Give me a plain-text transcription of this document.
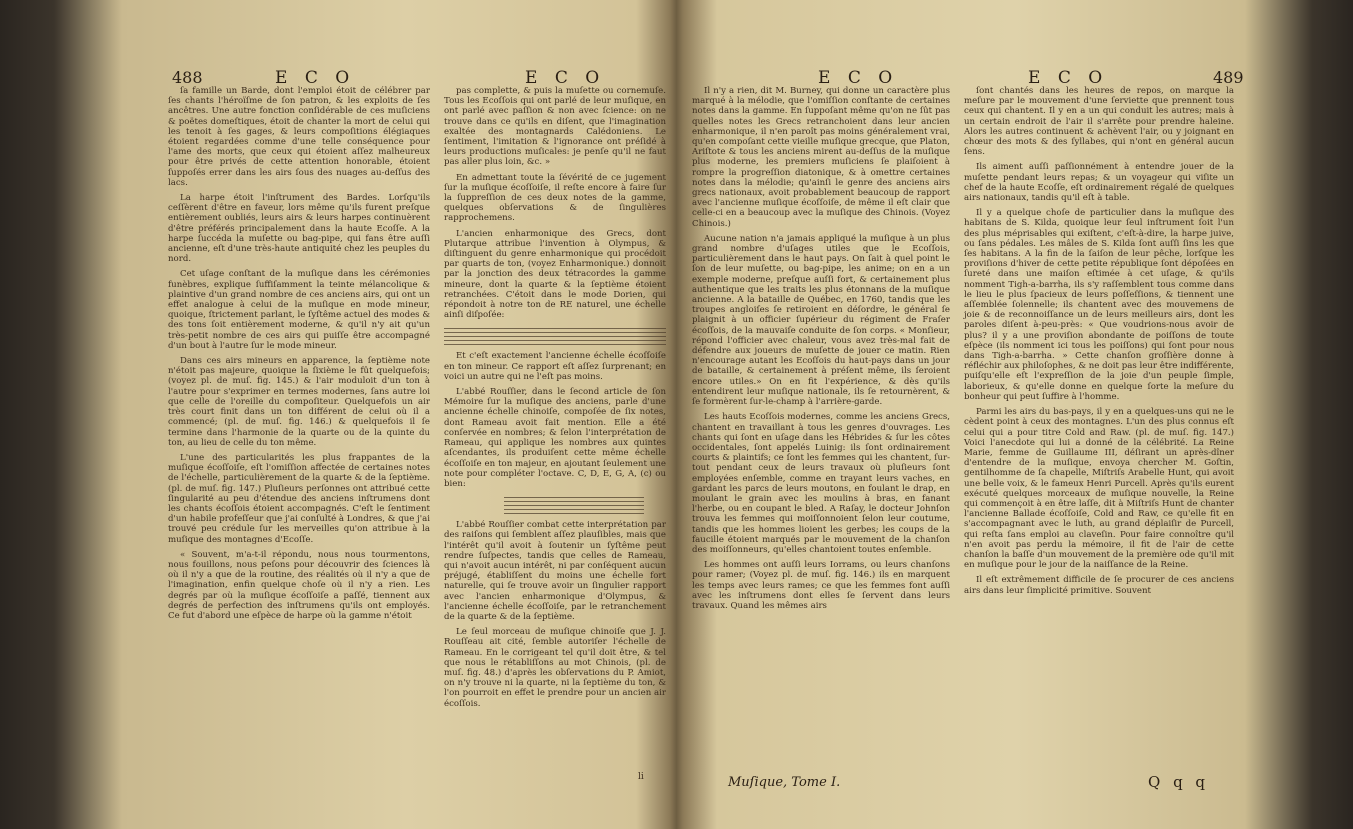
488	E C O	E C O

ſa famille un Barde, dont l'emploi étoit de célébrer par ſes chants l'héroïſme de ſon patron, & les exploits de ſes ancêtres. Une autre fonction conſidérable de ces muſiciens & poëtes domeſtiques, étoit de chanter la mort de celui qui les tenoit à ſes gages, & leurs compoſitions élégiaques étoient regardées comme d'une telle conséquence pour l'ame des morts, que ceux qui étoient aſſez malheureux pour être privés de cette attention honorable, étoient ſuppoſés errer dans les airs ſous des nuages au-deſſus des lacs.

La harpe étoit l'inſtrument des Bardes. Lorſqu'ils ceſſèrent d'être en faveur, lors même qu'ils furent preſque entièrement oubliés, leurs airs & leurs harpes continuèrent d'être préférés principalement dans la haute Ecoſſe. A la harpe ſuccéda la muſette ou bag-pipe, qui fans être auſſi ancienne, eſt d'une très-haute antiquité chez les peuples du nord.

Cet uſage conſtant de la muſique dans les cérémonies funèbres, explique ſuffiſamment la teinte mélancolique & plaintive d'un grand nombre de ces anciens airs, qui ont un effet analogue à celui de la muſique en mode mineur, quoique, ſtrictement parlant, le ſyſtême actuel des modes & des tons ſoit entièrement moderne, & qu'il n'y ait qu'un très-petit nombre de ces airs qui puiſſe être accompagné d'un bout à l'autre ſur le mode mineur.

Dans ces airs mineurs en apparence, la ſeptième note n'étoit pas majeure, quoique la ſixième le fût quelquefois; (voyez pl. de muſ. fig. 145.) & l'air moduloit d'un ton à l'autre pour s'exprimer en termes modernes, ſans autre loi que celle de l'oreille du compoſiteur. Quelquefois un air très court finit dans un ton différent de celui où il a commencé; (pl. de muſ. fig. 146.) & quelquefois il ſe termine dans l'harmonie de la quarte ou de la quinte du ton, au lieu de celle du ton même.

L'une des particularités les plus frappantes de la muſique écoſſoiſe, eſt l'omiſſion affectée de certaines notes de l'échelle, particulièrement de la quarte & de la ſeptième. (pl. de muſ. fig. 147.) Pluſieurs perſonnes ont attribué cette ſingularité au peu d'étendue des anciens inſtrumens dont les chants écoſſois étoient accompagnés. C'eſt le ſentiment d'un habile profeſſeur que j'ai conſulté à Londres, & que j'ai trouvé peu crédule ſur les merveilles qu'on attribue à la muſique des montagnes d'Ecoſſe.

« Souvent, m'a-t-il répondu, nous nous tourmentons, nous fouillons, nous peſons pour découvrir des ſciences là où il n'y a que de la routine, des réalités où il n'y a que de l'imagination, enfin quelque choſe où il n'y a rien. Les degrés par où la muſique écoſſoiſe a paſſé, tiennent aux degrés de perfection des inſtrumens qu'ils ont employés. Ce fut d'abord une eſpèce de harpe où la gamme n'étoit

pas complette, & puis la muſette ou cornemuſe. Tous les Ecoſſois qui ont parlé de leur muſique, en ont parlé avec paſſion & non avec ſcience: on ne trouve dans ce qu'ils en diſent, que l'imagination exaltée des montagnards Calédoniens. Le ſentiment, l'imitation & l'ignorance ont préſidé à leurs productions muſicales: je penſe qu'il ne faut pas aller plus loin, &c. »

En admettant toute la ſévérité de ce jugement ſur la muſique écoſſoiſe, il reſte encore à faire ſur la ſuppreſſion de ces deux notes de la gamme, quelques obſervations & de ſingulières rapprochemens.

L'ancien enharmonique des Grecs, dont Plutarque attribue l'invention à Olympus, & diſtinguent du genre enharmonique qui procédoit par quarts de ton, (voyez Enharmonique.) donnoit par la jonction des deux tétracordes la gamme mineure, dont la quarte & la ſeptième étoient retranchées. C'étoit dans le mode Dorien, qui répondoit à notre ton de RE naturel, une échelle ainſi diſpoſée:

Et c'eſt exactement l'ancienne échelle écoſſoiſe en ton mineur. Ce rapport eſt aſſez ſurprenant; en voici un autre qui ne l'eſt pas moins.

L'abbé Rouſſier, dans le ſecond article de ſon Mémoire ſur la muſique des anciens, parle d'une ancienne échelle chinoiſe, compoſée de ſix notes, dont Rameau avoit fait mention. Elle a été conſervée en nombres; & ſelon l'interprétation de Rameau, qui applique les nombres aux quintes aſcendantes, ils produiſent cette même échelle écoſſoiſe en ton majeur, en ajoutant ſeulement une note pour compléter l'octave. C, D, E, G, A, (c) ou bien:

L'abbé Rouſſier combat cette interprétation par des raiſons qui ſemblent aſſez plauſibles, mais que l'intérêt qu'il avoit à ſoutenir un ſyſtême peut rendre ſuſpectes, tandis que celles de Rameau, qui n'avoit aucun intérêt, ni par conſéquent aucun préjugé, établiſſent du moins une échelle fort naturelle, qui ſe trouve avoir un ſingulier rapport avec l'ancien enharmonique d'Olympus, & l'ancienne échelle écoſſoiſe, par le retranchement de la quarte & de la ſeptième.

Le ſeul morceau de muſique chinoiſe que J. J. Rouſſeau ait cité, ſemble autoriſer l'échelle de Rameau. En le corrigeant tel qu'il doit être, & tel que nous le rétabliſſons au mot Chinois, (pl. de muſ. fig. 48.) d'après les obſervations du P. Amiot, on n'y trouve ni la quarte, ni la ſeptième du ton, & l'on pourroit en effet le prendre pour un ancien air écoſſois.

li
E C O	E C O	489

Il n'y a rien, dit M. Burney, qui donne un caractère plus marqué à la mélodie, que l'omiſſion conſtante de certaines notes dans la gamme. En ſuppoſant même qu'on ne ſût pas quelles notes les Grecs retranchoient dans leur ancien enharmonique, il n'en paroît pas moins généralement vrai, qu'en compoſant cette vieille muſique grecque, que Platon, Ariſtote & tous les anciens mirent au-deſſus de la muſique plus moderne, les premiers muſiciens ſe plaiſoient à rompre la progreſſion diatonique, & à omettre certaines notes dans la mélodie; qu'ainſi le genre des anciens airs grecs nationaux, avoit probablement beaucoup de rapport avec l'ancienne muſique écoſſoiſe, de même il eſt clair que celle-ci en a beaucoup avec la muſique des Chinois. (Voyez Chinois.)

Aucune nation n'a jamais appliqué la muſique à un plus grand nombre d'uſages utiles que le Ecoſſois, particulièrement dans le haut pays. On ſait à quel point le ſon de leur muſette, ou bag-pipe, les anime; on en a un exemple moderne, preſque auſſi fort, & certainement plus authentique que les traits les plus étonnans de la muſique ancienne. A la bataille de Québec, en 1760, tandis que les troupes angloiſes ſe retiroient en déſordre, le général ſe plaignit à un officier ſupérieur du régiment de Fraſer écoſſois, de la mauvaiſe conduite de ſon corps. « Monſieur, répond l'officier avec chaleur, vous avez très-mal fait de défendre aux joueurs de muſette de jouer ce matin. Rien n'encourage autant les Ecoſſois du haut-pays dans un jour de bataille, & certainement à préſent même, ils ſeroient encore utiles.» On en fit l'expérience, & dès qu'ils entendirent leur muſique nationale, ils ſe retournèrent, & ſe formèrent ſur-le-champ à l'arrière-garde.

Les hauts Ecoſſois modernes, comme les anciens Grecs, chantent en travaillant à tous les genres d'ouvrages. Les chants qui ſont en uſage dans les Hébrides & ſur les côtes occidentales, ſont appelés Luinig: ils ſont ordinairement courts & plaintifs; ce ſont les femmes qui les chantent, ſur-tout pendant ceux de leurs travaux où pluſieurs ſont employées enſemble, comme en trayant leurs vaches, en gardant les parcs de leurs moutons, en foulant le drap, en moulant le grain avec les moulins à bras, en fanant l'herbe, ou en coupant le bled. A Raſay, le docteur Johnſon trouva les femmes qui moiſſonnoient ſelon leur coutume, tandis que les hommes lioient les gerbes; les coups de la faucille étoient marqués par le mouvement de la chanſon des moiſſonneurs, qu'elles chantoient toutes enſemble.

Les hommes ont auſſi leurs Iorrams, ou leurs chanſons pour ramer; (Voyez pl. de muſ. fig. 146.) ils en marquent les temps avec leurs rames; ce que les femmes font auſſi avec les inſtrumens dont elles ſe ſervent dans leurs travaux. Quand les mêmes airs

ſont chantés dans les heures de repos, on marque la meſure par le mouvement d'une ſerviette que prennent tous ceux qui chantent. Il y en a un qui conduit les autres; mais à un certain endroit de l'air il s'arrête pour prendre haleine. Alors les autres continuent & achèvent l'air, ou y joignant en chœur des mots & des ſyllabes, qui n'ont en général aucun ſens.

Ils aiment auſſi paſſionnément à entendre jouer de la muſette pendant leurs repas; & un voyageur qui viſite un chef de la haute Ecoſſe, eſt ordinairement régalé de quelques airs nationaux, tandis qu'il eſt à table.

Il y a quelque choſe de particulier dans la muſique des habitans de S. Kilda, quoique leur ſeul inſtrument ſoit l'un des plus méprisables qui exiſtent, c'eſt-à-dire, la harpe juive, ou ſans pédales. Les mâles de S. Kilda ſont auſſi ſins les que ſes habitans. A la fin de la ſaiſon de leur pêche, lorſque les proviſions d'hiver de cette petite république ſont dépoſées en ſureté dans une maiſon eſtimée à cet uſage, & qu'ils nomment Tigh-a-barrha, ils s'y raſſemblent tous comme dans le lieu le plus ſpacieux de leurs poſſeſſions, & tiennent une aſſemblée ſolennelle; ils chantent avec des mouvemens de joie & de reconnoiſſance un de leurs meilleurs airs, dont les paroles diſent à-peu-près: « Que voudrions-nous avoir de plus? il y a une proviſion abondante de poiſſons de toute eſpèce (ils nomment ici tous les poiſſons) qui ſont pour nous dans Tigh-a-barrha. » Cette chanſon groſſière donne à réfléchir aux philoſophes, & ne doit pas leur être indifférente, puiſqu'elle eſt l'expreſſion de la joie d'un peuple ſimple, laborieux, & qu'elle donne en quelque ſorte la meſure du bonheur qui peut ſuffire à l'homme.

Parmi les airs du bas-pays, il y en a quelques-uns qui ne le cèdent point à ceux des montagnes. L'un des plus connus eſt celui qui a pour titre Cold and Raw. (pl. de muſ. fig. 147.) Voici l'anecdote qui lui a donné de la célébrité. La Reine Marie, femme de Guillaume III, déſirant un après-dîner d'entendre de la muſique, envoya chercher M. Goſtin, gentilhomme de ſa chapelle, Miſtriſs Arabelle Hunt, qui avoit une belle voix, & le fameux Henri Purcell. Après qu'ils eurent exécuté quelques morceaux de muſique nouvelle, la Reine qui commençoit à en être laſſe, dit à Miſtriſs Hunt de chanter l'ancienne Ballade écoſſoiſe, Cold and Raw, ce qu'elle fit en s'accompagnant avec le luth, au grand déplaiſir de Purcell, qui reſta ſans emploi au claveſin. Pour faire connoître qu'il n'en avoit pas perdu la mémoire, il fit de l'air de cette chanſon la baſſe d'un mouvement de la première ode qu'il mit en muſique pour le jour de la naiſſance de la Reine.

Il eſt extrêmement difficile de ſe procurer de ces anciens airs dans leur ſimplicité primitive. Souvent

Muſique, Tome I.	Q q q
